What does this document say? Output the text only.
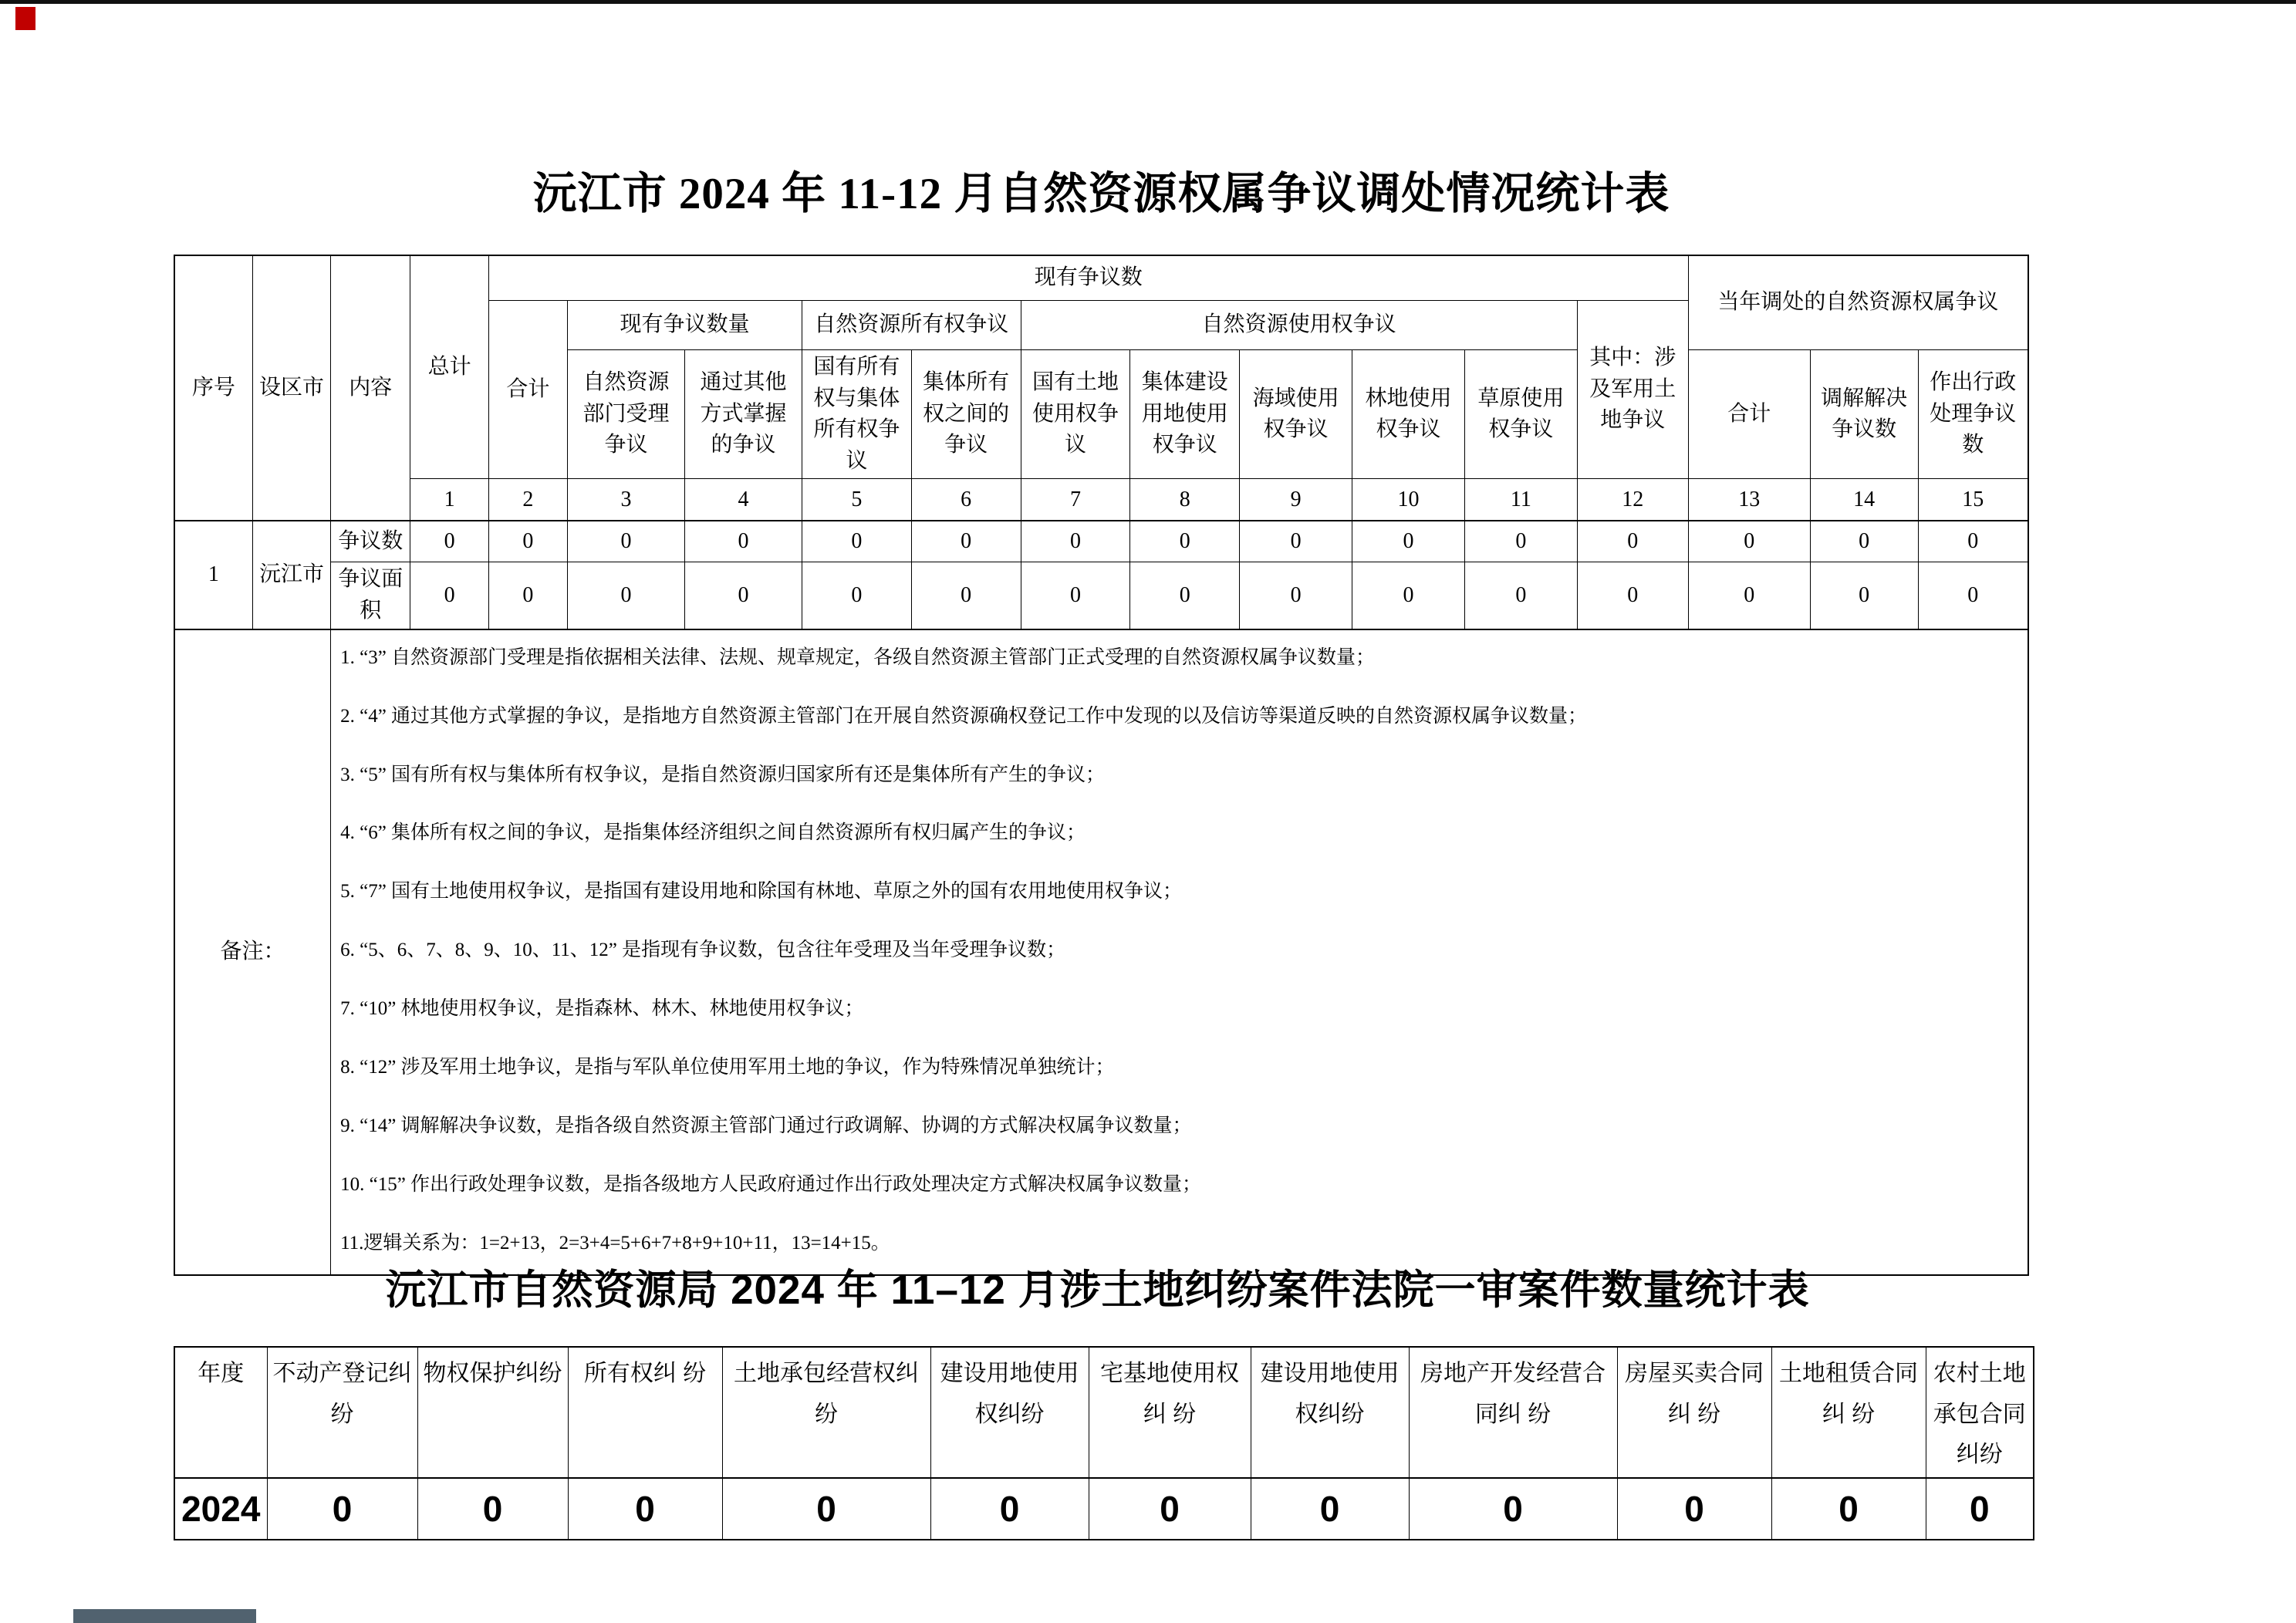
沅江市 2024 年 11-12 月自然资源权属争议调处情况统计表
序号	设区市	内容	总计	现有争议数											当年调处的自然资源权属争议		
				合计	现有争议数量		自然资源所有权争议		自然资源使用权争议					其中：涉及军用土地争议			
					自然资源部门受理争议	通过其他方式掌握的争议	国有所有权与集体所有权争议	集体所有权之间的争议	国有土地使用权争议	集体建设用地使用权争议	海域使用权争议	林地使用权争议	草原使用权争议		合计	调解解决争议数	作出行政处理争议数
			1	2	3	4	5	6	7	8	9	10	11	12	13	14	15
1	沅江市	争议数	0	0	0	0	0	0	0	0	0	0	0	0	0	0	0
		争议面积	0	0	0	0	0	0	0	0	0	0	0	0	0	0	0
备注：	
1. “3” 自然资源部门受理是指依据相关法律、法规、规章规定，各级自然资源主管部门正式受理的自然资源权属争议数量；
2. “4” 通过其他方式掌握的争议，是指地方自然资源主管部门在开展自然资源确权登记工作中发现的以及信访等渠道反映的自然资源权属争议数量；
3. “5” 国有所有权与集体所有权争议，是指自然资源归国家所有还是集体所有产生的争议；
4. “6” 集体所有权之间的争议，是指集体经济组织之间自然资源所有权归属产生的争议；
5. “7” 国有土地使用权争议，是指国有建设用地和除国有林地、草原之外的国有农用地使用权争议；
6. “5、6、7、8、9、10、11、12” 是指现有争议数，包含往年受理及当年受理争议数；
7. “10” 林地使用权争议，是指森林、林木、林地使用权争议；
8. “12” 涉及军用土地争议，是指与军队单位使用军用土地的争议，作为特殊情况单独统计；
9. “14” 调解解决争议数，是指各级自然资源主管部门通过行政调解、协调的方式解决权属争议数量；
10. “15” 作出行政处理争议数，是指各级地方人民政府通过作出行政处理决定方式解决权属争议数量；
11.逻辑关系为：1=2+13，2=3+4=5+6+7+8+9+10+11，13=14+15。
沅江市自然资源局 2024 年 11–12 月涉土地纠纷案件法院一审案件数量统计表
年度	不动产登记纠纷	物权保护纠纷	所有权纠 纷	土地承包经营权纠纷	建设用地使用权纠纷	宅基地使用权纠 纷	建设用地使用权纠纷	房地产开发经营合同纠 纷	房屋买卖合同纠 纷	土地租赁合同纠 纷	农村土地承包合同纠纷
2024	0	0	0	0	0	0	0	0	0	0	0
